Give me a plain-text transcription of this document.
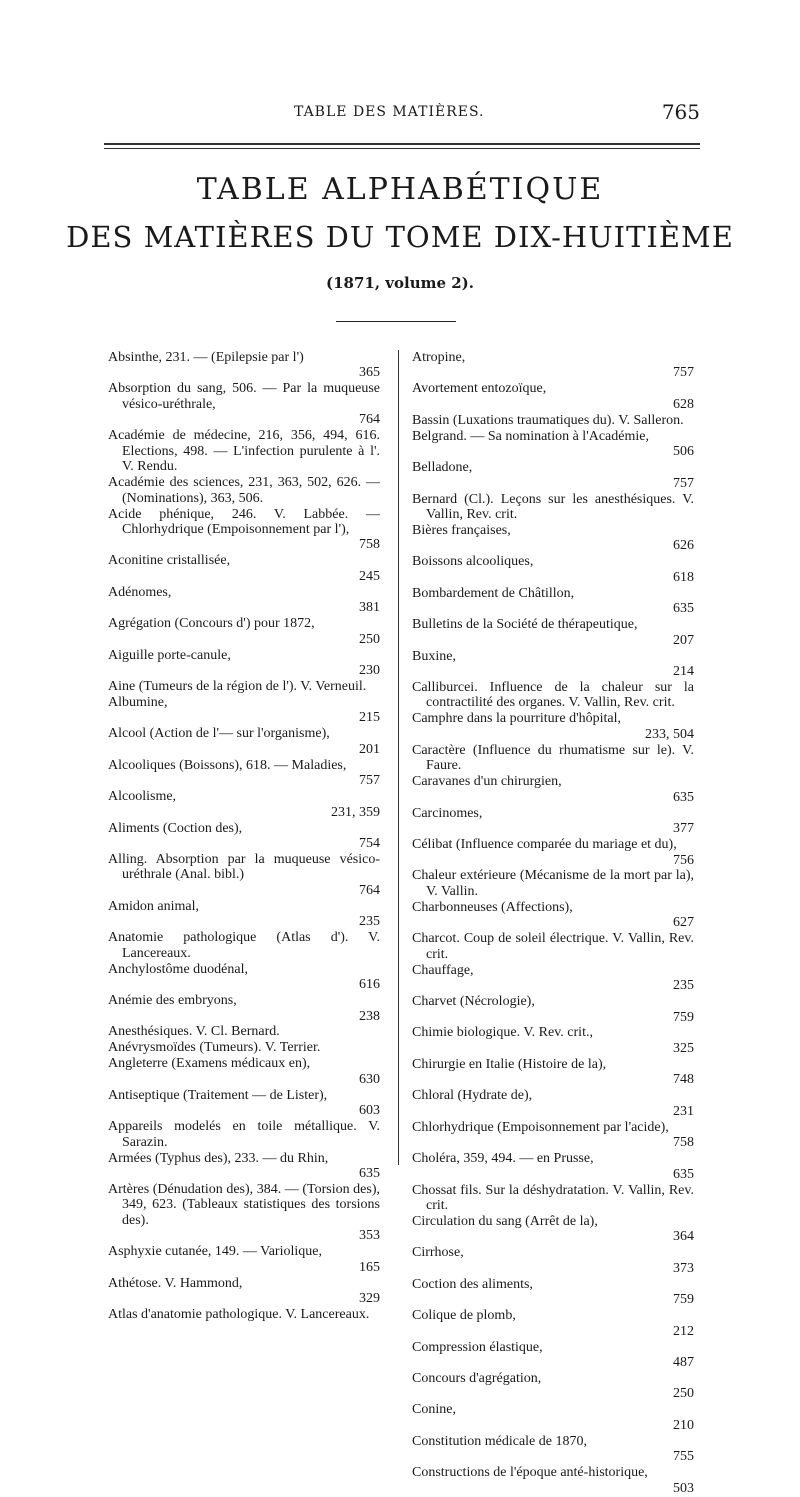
TABLE DES MATIÈRES.	765
TABLE ALPHABÉTIQUE
DES MATIÈRES DU TOME DIX-HUITIÈME
(1871, volume 2).
Absinthe, 231. — (Epilepsie par l')
365
Absorption du sang, 506. — Par la muqueuse vésico-uréthrale,
764
Académie de médecine, 216, 356, 494, 616. Elections, 498. — L'infection purulente à l'. V. Rendu.
Académie des sciences, 231, 363, 502, 626. — (Nominations), 363, 506.
Acide phénique, 246. V. Labbée. — Chlorhydrique (Empoisonnement par l'),
758
Aconitine cristallisée,
245
Adénomes,
381
Agrégation (Concours d') pour 1872,
250
Aiguille porte-canule,
230
Aine (Tumeurs de la région de l'). V. Verneuil.
Albumine,
215
Alcool (Action de l'— sur l'organisme),
201
Alcooliques (Boissons), 618. — Maladies,
757
Alcoolisme,
231, 359
Aliments (Coction des),
754
Alling. Absorption par la muqueuse vésico-uréthrale (Anal. bibl.)
764
Amidon animal,
235
Anatomie pathologique (Atlas d'). V. Lancereaux.
Anchylostôme duodénal,
616
Anémie des embryons,
238
Anesthésiques. V. Cl. Bernard.
Anévrysmoïdes (Tumeurs). V. Terrier.
Angleterre (Examens médicaux en),
630
Antiseptique (Traitement — de Lister),
603
Appareils modelés en toile métallique. V. Sarazin.
Armées (Typhus des), 233. — du Rhin,
635
Artères (Dénudation des), 384. — (Torsion des), 349, 623. (Tableaux statistiques des torsions des).
353
Asphyxie cutanée, 149. — Variolique,
165
Athétose. V. Hammond,
329
Atlas d'anatomie pathologique. V. Lancereaux.
Atropine,
757
Avortement entozoïque,
628
Bassin (Luxations traumatiques du). V. Salleron.
Belgrand. — Sa nomination à l'Académie,
506
Belladone,
757
Bernard (Cl.). Leçons sur les anesthésiques. V. Vallin, Rev. crit.
Bières françaises,
626
Boissons alcooliques,
618
Bombardement de Châtillon,
635
Bulletins de la Société de thérapeutique,
207
Buxine,
214
Calliburcei. Influence de la chaleur sur la contractilité des organes. V. Vallin, Rev. crit.
Camphre dans la pourriture d'hôpital,
233, 504
Caractère (Influence du rhumatisme sur le). V. Faure.
Caravanes d'un chirurgien,
635
Carcinomes,
377
Célibat (Influence comparée du mariage et du),
756
Chaleur extérieure (Mécanisme de la mort par la), V. Vallin.
Charbonneuses (Affections),
627
Charcot. Coup de soleil électrique. V. Vallin, Rev. crit.
Chauffage,
235
Charvet (Nécrologie),
759
Chimie biologique. V. Rev. crit.,
325
Chirurgie en Italie (Histoire de la),
748
Chloral (Hydrate de),
231
Chlorhydrique (Empoisonnement par l'acide),
758
Choléra, 359, 494. — en Prusse,
635
Chossat fils. Sur la déshydratation. V. Vallin, Rev. crit.
Circulation du sang (Arrêt de la),
364
Cirrhose,
373
Coction des aliments,
759
Colique de plomb,
212
Compression élastique,
487
Concours d'agrégation,
250
Conine,
210
Constitution médicale de 1870,
755
Constructions de l'époque anté-historique,
503
